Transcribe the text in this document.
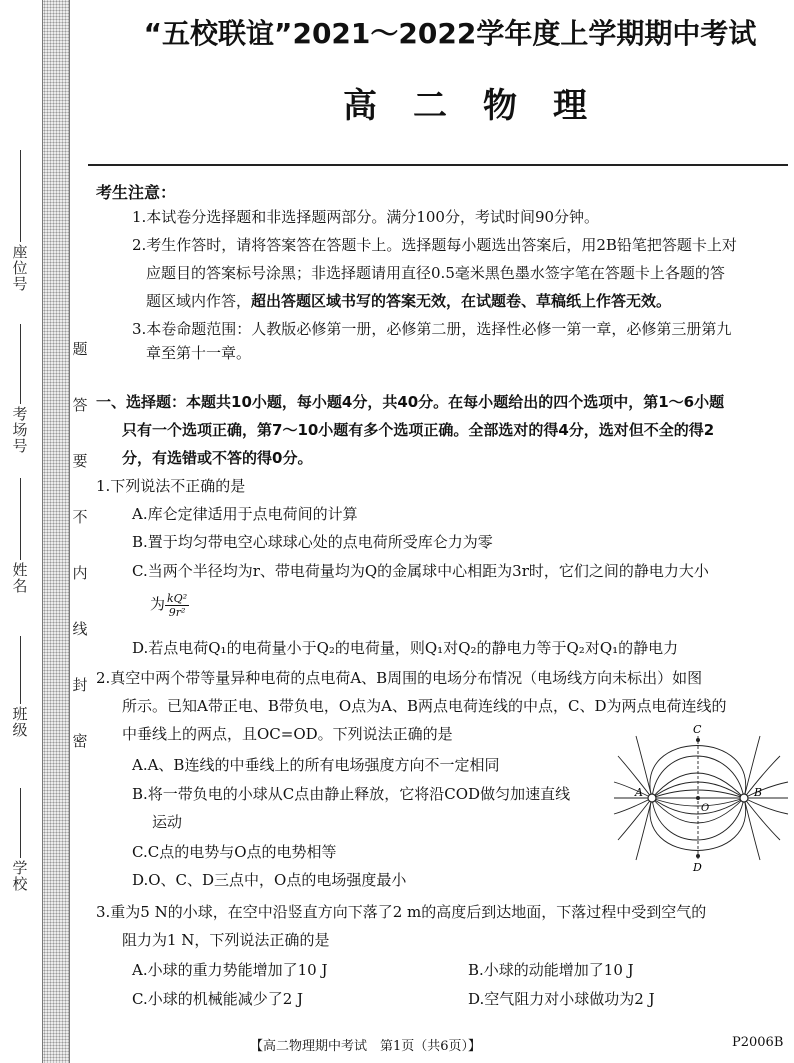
题
答
要
不
内
线
封
密
座位号
考场号
姓名
班级
学校
“五校联谊”2021～2022学年度上学期期中考试
高二物理
考生注意：
1.本试卷分选择题和非选择题两部分。满分100分，考试时间90分钟。
2.考生作答时，请将答案答在答题卡上。选择题每小题选出答案后，用2B铅笔把答题卡上对
应题目的答案标号涂黑；非选择题请用直径0.5毫米黑色墨水签字笔在答题卡上各题的答
题区域内作答，超出答题区域书写的答案无效，在试题卷、草稿纸上作答无效。
3.本卷命题范围：人教版必修第一册，必修第二册，选择性必修一第一章，必修第三册第九
章至第十一章。
一、选择题：本题共10小题，每小题4分，共40分。在每小题给出的四个选项中，第1～6小题
只有一个选项正确，第7～10小题有多个选项正确。全部选对的得4分，选对但不全的得2
分，有选错或不答的得0分。
1.下列说法不正确的是
A.库仑定律适用于点电荷间的计算
B.置于均匀带电空心球球心处的点电荷所受库仑力为零
C.当两个半径均为r、带电荷量均为Q的金属球中心相距为3r时，它们之间的静电力大小
为 $\frac{\text{kQ²}}{\text{9r²}}$
D.若点电荷Q₁的电荷量小于Q₂的电荷量，则Q₁对Q₂的静电力等于Q₂对Q₁的静电力
2.真空中两个带等量异种电荷的点电荷A、B周围的电场分布情况（电场线方向未标出）如图
所示。已知A带正电、B带负电，O点为A、B两点电荷连线的中点，C、D为两点电荷连线的
中垂线上的两点，且OC=OD。下列说法正确的是
A.A、B连线的中垂线上的所有电场强度方向不一定相同
B.将一带负电的小球从C点由静止释放，它将沿COD做匀加速直线
运动
C.C点的电势与O点的电势相等
D.O、C、D三点中，O点的电场强度最小
A	B
C
D
O
3.重为5 N的小球，在空中沿竖直方向下落了2 m的高度后到达地面，下落过程中受到空气的
阻力为1 N，下列说法正确的是
A.小球的重力势能增加了10 J	B.小球的动能增加了10 J
C.小球的机械能减少了2 J	D.空气阻力对小球做功为2 J
【高二物理期中考试　第1页（共6页）】	P2006B
